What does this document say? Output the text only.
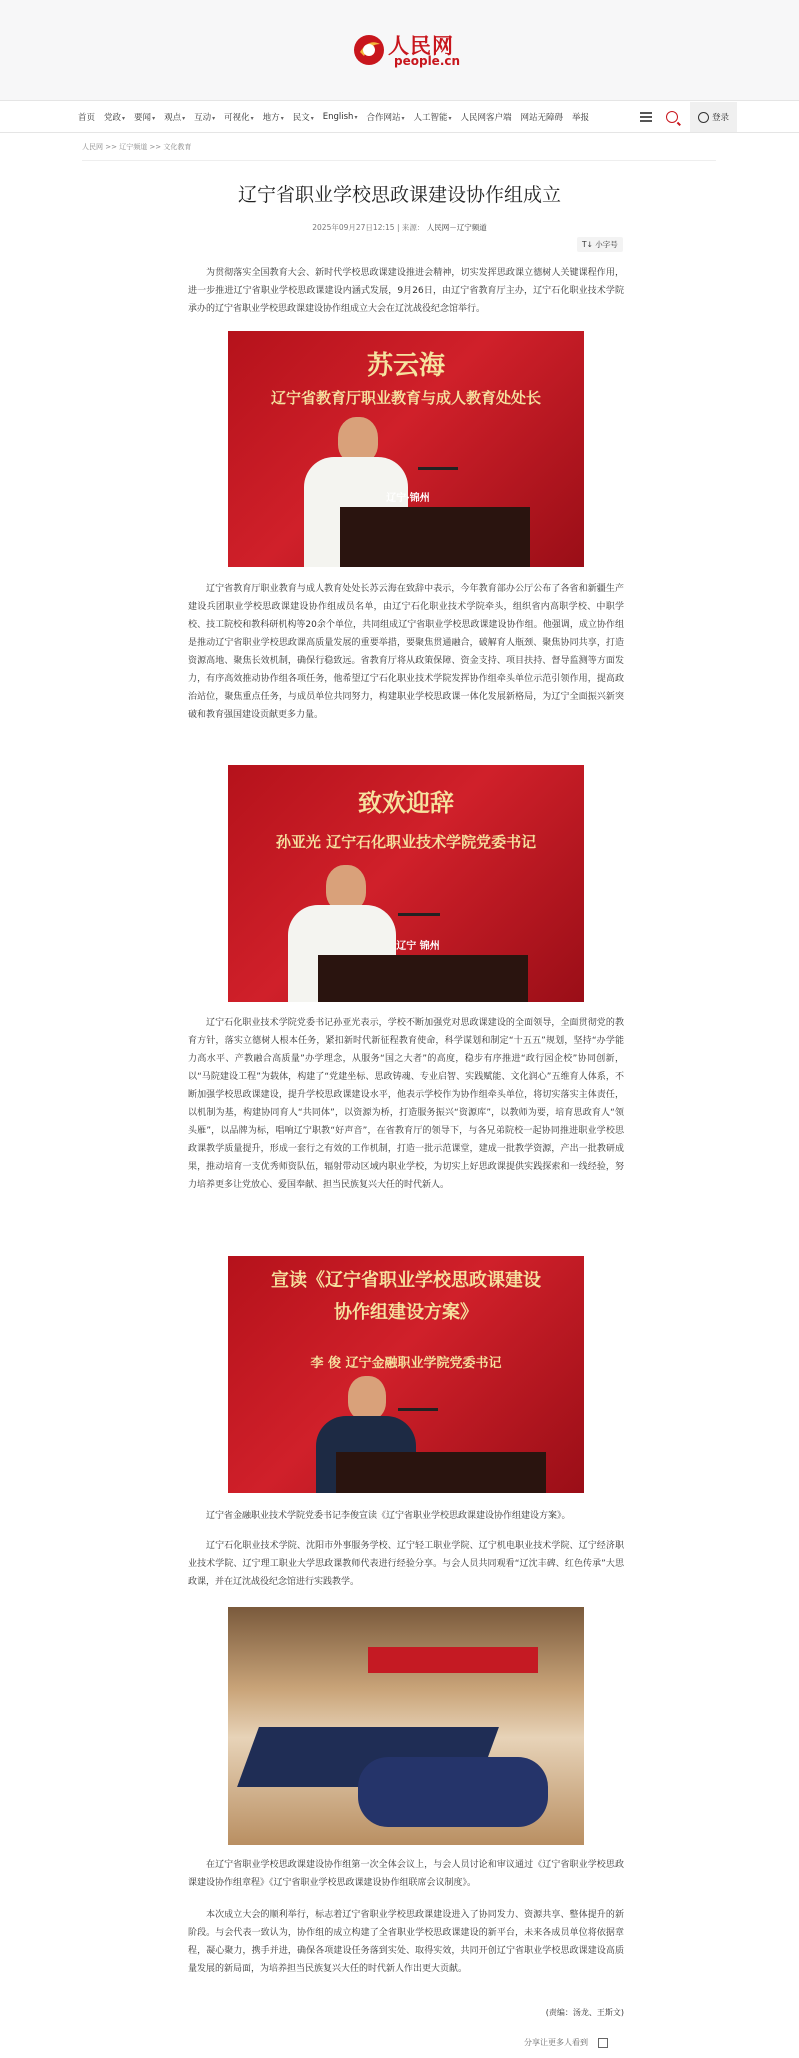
人民网
people.cn
首页 党政▾ 要闻▾ 观点▾ 互动▾ 可视化▾ 地方▾ 民文▾ English▾ 合作网站▾ 人工智能▾ 人民网客户端 网站无障碍 举报	登录
人民网 >> 辽宁频道 >> 文化教育
辽宁省职业学校思政课建设协作组成立
2025年09月27日12:15 | 来源： 人民网－辽宁频道
T↓ 小字号
为贯彻落实全国教育大会、新时代学校思政课建设推进会精神，切实发挥思政课立德树人关键课程作用，进一步推进辽宁省职业学校思政课建设内涵式发展，9月26日，由辽宁省教育厅主办，辽宁石化职业技术学院承办的辽宁省职业学校思政课建设协作组成立大会在辽沈战役纪念馆举行。
苏云海
辽宁省教育厅职业教育与成人教育处处长
辽宁·锦州
辽宁省教育厅职业教育与成人教育处处长苏云海在致辞中表示，今年教育部办公厅公布了各省和新疆生产建设兵团职业学校思政课建设协作组成员名单，由辽宁石化职业技术学院牵头，组织省内高职学校、中职学校、技工院校和教科研机构等20余个单位，共同组成辽宁省职业学校思政课建设协作组。他强调，成立协作组是推动辽宁省职业学校思政课高质量发展的重要举措，要聚焦贯通融合，破解育人瓶颈、聚焦协同共享，打造资源高地、聚焦长效机制，确保行稳致远。省教育厅将从政策保障、资金支持、项目扶持、督导监测等方面发力，有序高效推动协作组各项任务，他希望辽宁石化职业技术学院发挥协作组牵头单位示范引领作用，提高政治站位，聚焦重点任务，与成员单位共同努力，构建职业学校思政课一体化发展新格局，为辽宁全面振兴新突破和教育强国建设贡献更多力量。
致欢迎辞
孙亚光 辽宁石化职业技术学院党委书记
辽宁 锦州
辽宁石化职业技术学院党委书记孙亚光表示，学校不断加强党对思政课建设的全面领导，全面贯彻党的教育方针，落实立德树人根本任务，紧扣新时代新征程教育使命，科学谋划和制定“十五五”规划，坚持“办学能力高水平、产教融合高质量”办学理念，从服务“国之大者”的高度，稳步有序推进“政行园企校”协同创新，以“马院建设工程”为载体，构建了“党建坐标、思政铸魂、专业启智、实践赋能、文化润心”五维育人体系，不断加强学校思政课建设，提升学校思政课建设水平，他表示学校作为协作组牵头单位，将切实落实主体责任，以机制为基，构建协同育人“共同体”，以资源为桥，打造服务振兴“资源库”，以教师为要，培育思政育人“领头雁”，以品牌为标，唱响辽宁职教“好声音”，在省教育厅的领导下，与各兄弟院校一起协同推进职业学校思政课教学质量提升，形成一套行之有效的工作机制，打造一批示范课堂，建成一批教学资源，产出一批教研成果，推动培育一支优秀师资队伍，辐射带动区域内职业学校，为切实上好思政课提供实践探索和一线经验，努力培养更多让党放心、爱国奉献、担当民族复兴大任的时代新人。
宣读《辽宁省职业学校思政课建设
协作组建设方案》
李 俊 辽宁金融职业学院党委书记
辽宁省金融职业技术学院党委书记李俊宣读《辽宁省职业学校思政课建设协作组建设方案》。
辽宁石化职业技术学院、沈阳市外事服务学校、辽宁轻工职业学院、辽宁机电职业技术学院、辽宁经济职业技术学院、辽宁理工职业大学思政课教师代表进行经验分享。与会人员共同观看“辽沈丰碑、红色传承”大思政课，并在辽沈战役纪念馆进行实践教学。
在辽宁省职业学校思政课建设协作组第一次全体会议上，与会人员讨论和审议通过《辽宁省职业学校思政课建设协作组章程》《辽宁省职业学校思政课建设协作组联席会议制度》。
本次成立大会的顺利举行，标志着辽宁省职业学校思政课建设进入了协同发力、资源共享、整体提升的新阶段。与会代表一致认为，协作组的成立构建了全省职业学校思政课建设的新平台，未来各成员单位将依据章程，凝心聚力，携手并进，确保各项建设任务落到实处、取得实效，共同开创辽宁省职业学校思政课建设高质量发展的新局面，为培养担当民族复兴大任的时代新人作出更大贡献。
(责编：汤龙、王斯文)
分享让更多人看到
